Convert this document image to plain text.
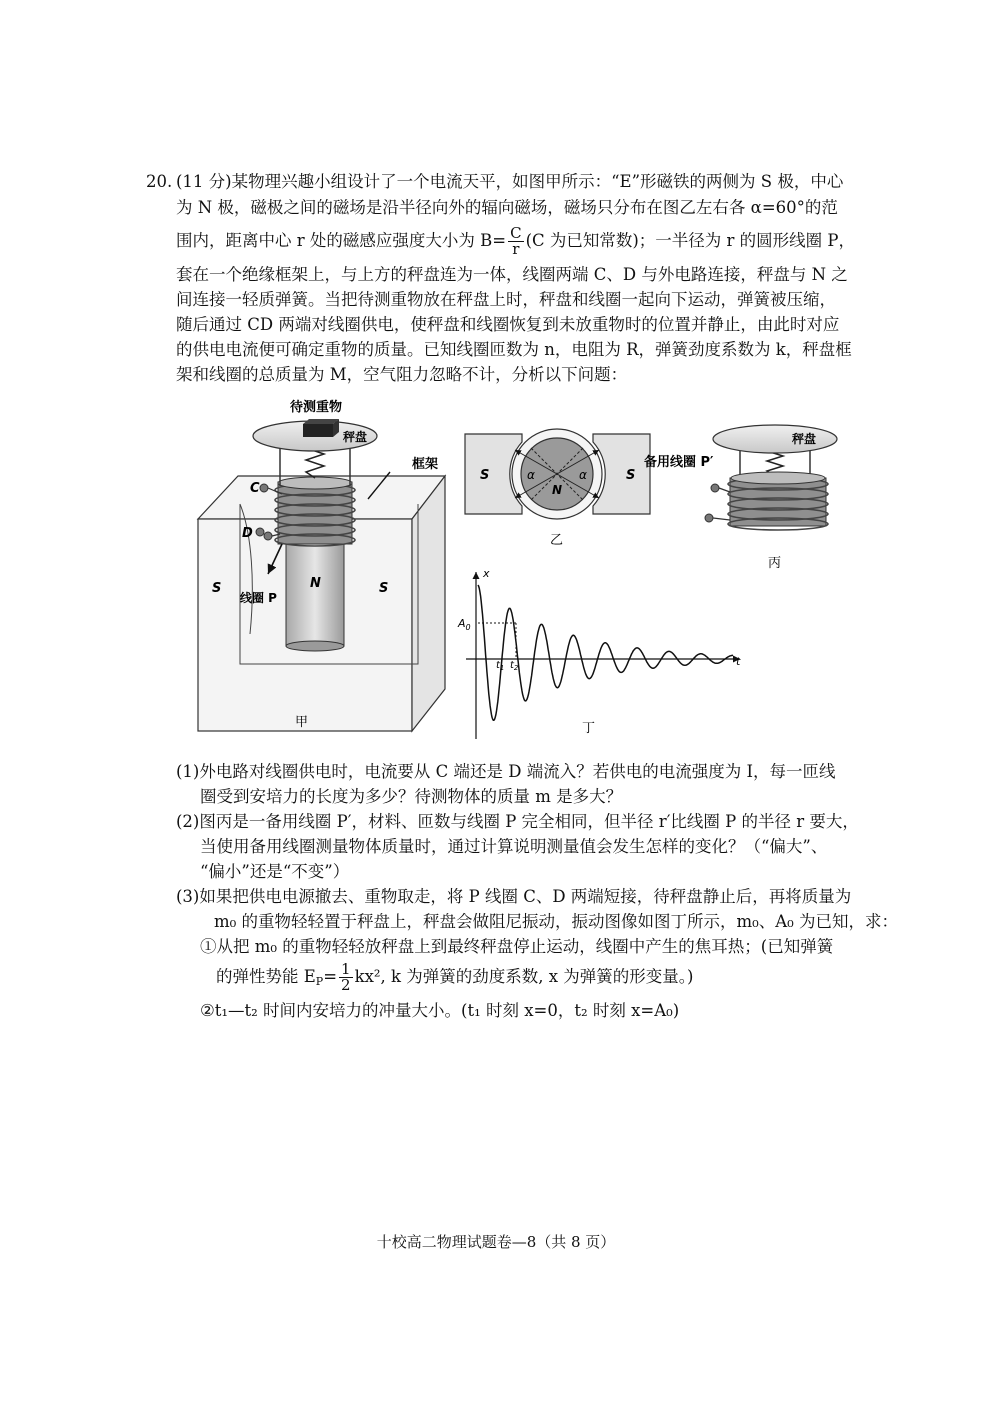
20. (11 分)某物理兴趣小组设计了一个电流天平，如图甲所示：“E”形磁铁的两侧为 S 极，中心
为 N 极，磁极之间的磁场是沿半径向外的辐向磁场，磁场只分布在图乙左右各 α=60°的范
围内，距离中心 r 处的磁感应强度大小为 $B= \frac{C}{r} (C$ 为已知常数)；一半径为 r 的圆形线圈 P，
套在一个绝缘框架上，与上方的秤盘连为一体，线圈两端 C、D 与外电路连接，秤盘与 N 之
间连接一轻质弹簧。当把待测重物放在秤盘上时，秤盘和线圈一起向下运动，弹簧被压缩，
随后通过 CD 两端对线圈供电，使秤盘和线圈恢复到未放重物时的位置并静止，由此时对应
的供电电流便可确定重物的质量。已知线圈匝数为 n，电阻为 R，弹簧劲度系数为 k，秤盘框
架和线圈的总质量为 M，空气阻力忽略不计，分析以下问题：
待测重物
秤盘
框架
C
D
S	S
N
线圈 P
甲
S	S
N
α	α
乙
备用线圈 P′
秤盘
丙
x
t
$A_0$
$t_1$ $t_2$
丁
(1)外电路对线圈供电时，电流要从 C 端还是 D 端流入？若供电的电流强度为 I，每一匝线
圈受到安培力的长度为多少？待测物体的质量 m 是多大？
(2)图丙是一备用线圈 P′，材料、匝数与线圈 P 完全相同，但半径 r′比线圈 P 的半径 r 要大，
当使用备用线圈测量物体质量时，通过计算说明测量值会发生怎样的变化？（“偏大”、
“偏小”还是“不变”）
(3)如果把供电电源撤去、重物取走，将 P 线圈 C、D 两端短接，待秤盘静止后，再将质量为
m₀ 的重物轻轻置于秤盘上，秤盘会做阻尼振动，振动图像如图丁所示，m₀、A₀ 为已知，求：
①从把 m₀ 的重物轻轻放秤盘上到最终秤盘停止运动，线圈中产生的焦耳热；(已知弹簧
的弹性势能 $E_P= \frac{1}{2} kx^2$, k 为弹簧的劲度系数, x 为弹簧的形变量。)
②t₁—t₂ 时间内安培力的冲量大小。(t₁ 时刻 x=0，t₂ 时刻 x=A₀)
十校高二物理试题卷—8（共 8 页）
